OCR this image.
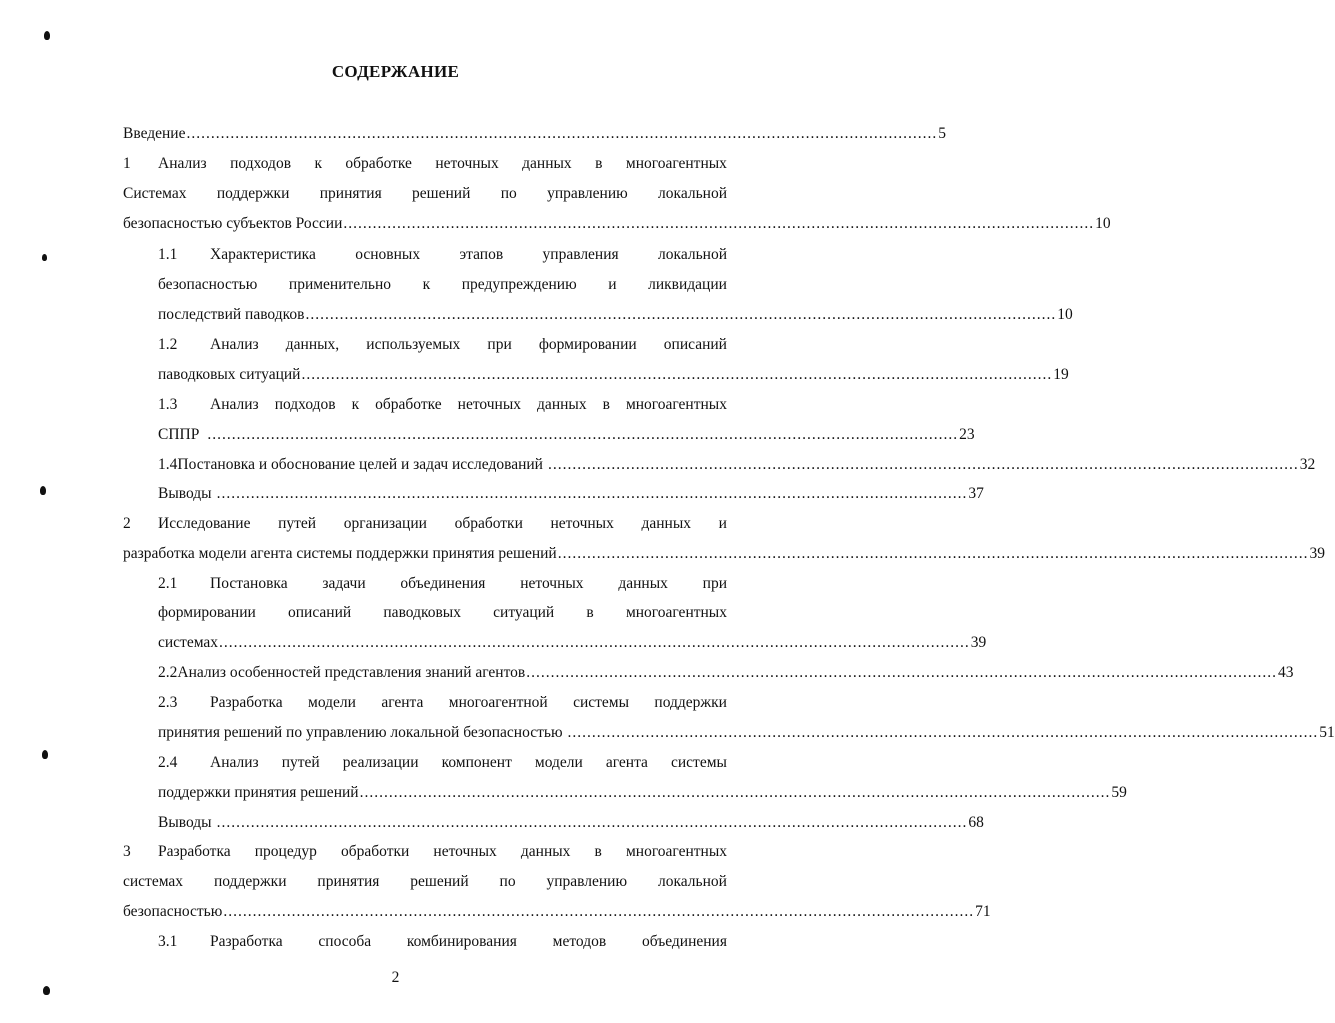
СОДЕРЖАНИЕ
Введение .......................................................................................................................................................... 5
1	Анализ подходов к обработке неточных данных в многоагентных
Системах поддержки принятия решений по управлению локальной
безопасностью субъектов России .......................................................................................................................................................... 10
1.1	Характеристика	основных	этапов	управления	локальной
безопасностью применительно к предупреждению и ликвидации
последствий паводков .......................................................................................................................................................... 10
1.2	Анализ данных, используемых при формировании описаний
паводковых ситуаций .......................................................................................................................................................... 19
1.3	Анализ подходов к обработке неточных данных в многоагентных
СППР .......................................................................................................................................................... 23
1.4 Постановка и обоснование целей и задач исследований .......................................................................................................................................................... 32
Выводы .......................................................................................................................................................... 37
2	Исследование путей организации обработки неточных данных и
разработка модели агента системы поддержки принятия решений .......................................................................................................................................................... 39
2.1	Постановка задачи объединения неточных данных при
формировании описаний паводковых ситуаций в многоагентных
системах .......................................................................................................................................................... 39
2.2 Анализ особенностей представления знаний агентов .......................................................................................................................................................... 43
2.3	Разработка модели агента многоагентной системы поддержки
принятия решений по управлению локальной безопасностью .......................................................................................................................................................... 51
2.4	Анализ путей реализации компонент модели агента системы
поддержки принятия решений .......................................................................................................................................................... 59
Выводы .......................................................................................................................................................... 68
3	Разработка процедур обработки неточных данных в многоагентных
системах поддержки принятия решений по управлению локальной
безопасностью .......................................................................................................................................................... 71
3.1	Разработка способа комбинирования методов объединения
2
